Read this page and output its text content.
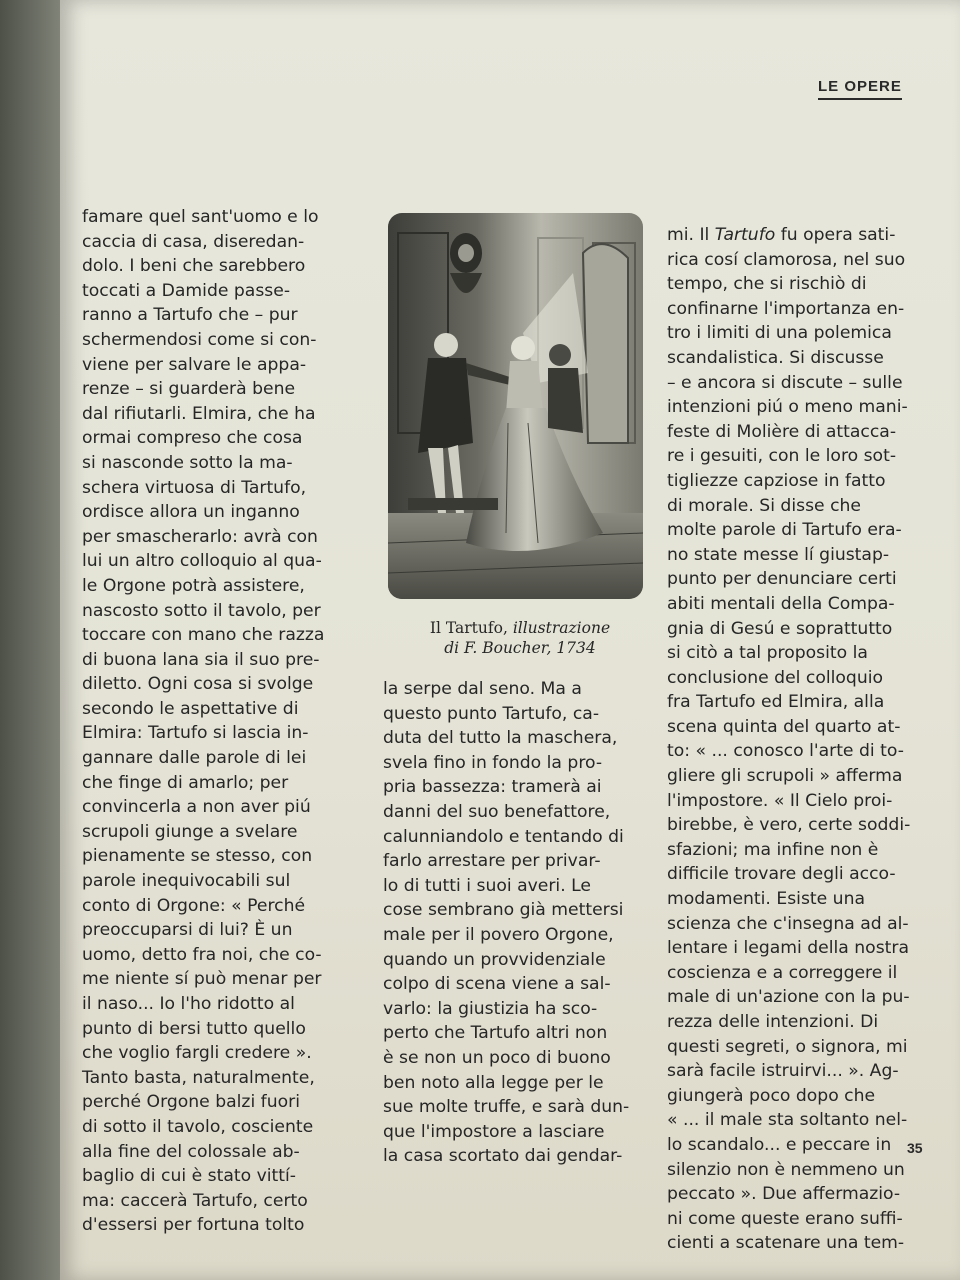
LE OPERE

famare quel sant'uomo e lo
caccia di casa, diseredan-
dolo. I beni che sarebbero
toccati a Damide passe-
ranno a Tartufo che – pur
schermendosi come si con-
viene per salvare le appa-
renze – si guarderà bene
dal rifiutarli. Elmira, che ha
ormai compreso che cosa
si nasconde sotto la ma-
schera virtuosa di Tartufo,
ordisce allora un inganno
per smascherarlo: avrà con
lui un altro colloquio al qua-
le Orgone potrà assistere,
nascosto sotto il tavolo, per
toccare con mano che razza
di buona lana sia il suo pre-
diletto. Ogni cosa si svolge
secondo le aspettative di
Elmira: Tartufo si lascia in-
gannare dalle parole di lei
che finge di amarlo; per
convincerla a non aver piú
scrupoli giunge a svelare
pienamente se stesso, con
parole inequivocabili sul
conto di Orgone: « Perché
preoccuparsi di lui? È un
uomo, detto fra noi, che co-
me niente sí può menar per
il naso... Io l'ho ridotto al
punto di bersi tutto quello
che voglio fargli credere ».
Tanto basta, naturalmente,
perché Orgone balzi fuori
di sotto il tavolo, cosciente
alla fine del colossale ab-
baglio di cui è stato vittí-
ma: caccerà Tartufo, certo
d'essersi per fortuna tolto

Il Tartufo, illustrazione
di F. Boucher, 1734

la serpe dal seno. Ma a
questo punto Tartufo, ca-
duta del tutto la maschera,
svela fino in fondo la pro-
pria bassezza: tramerà ai
danni del suo benefattore,
calunniandolo e tentando di
farlo arrestare per privar-
lo di tutti i suoi averi. Le
cose sembrano già mettersi
male per il povero Orgone,
quando un provvidenziale
colpo di scena viene a sal-
varlo: la giustizia ha sco-
perto che Tartufo altri non
è se non un poco di buono
ben noto alla legge per le
sue molte truffe, e sarà dun-
que l'impostore a lasciare
la casa scortato dai gendar-

mi. Il Tartufo fu opera sati-
rica cosí clamorosa, nel suo
tempo, che si rischiò di
confinarne l'importanza en-
tro i limiti di una polemica
scandalistica. Si discusse
– e ancora si discute – sulle
intenzioni piú o meno mani-
feste di Molière di attacca-
re i gesuiti, con le loro sot-
tigliezze capziose in fatto
di morale. Si disse che
molte parole di Tartufo era-
no state messe lí giustap-
punto per denunciare certi
abiti mentali della Compa-
gnia di Gesú e soprattutto
si citò a tal proposito la
conclusione del colloquio
fra Tartufo ed Elmira, alla
scena quinta del quarto at-
to: « ... conosco l'arte di to-
gliere gli scrupoli » afferma
l'impostore. « Il Cielo proi-
birebbe, è vero, certe soddi-
sfazioni; ma infine non è
difficile trovare degli acco-
modamenti. Esiste una
scienza che c'insegna ad al-
lentare i legami della nostra
coscienza e a correggere il
male di un'azione con la pu-
rezza delle intenzioni. Di
questi segreti, o signora, mi
sarà facile istruirvi... ». Ag-
giungerà poco dopo che
« ... il male sta soltanto nel-
lo scandalo... e peccare in
silenzio non è nemmeno un
peccato ». Due affermazio-
ni come queste erano suffi-
cienti a scatenare una tem-

35
